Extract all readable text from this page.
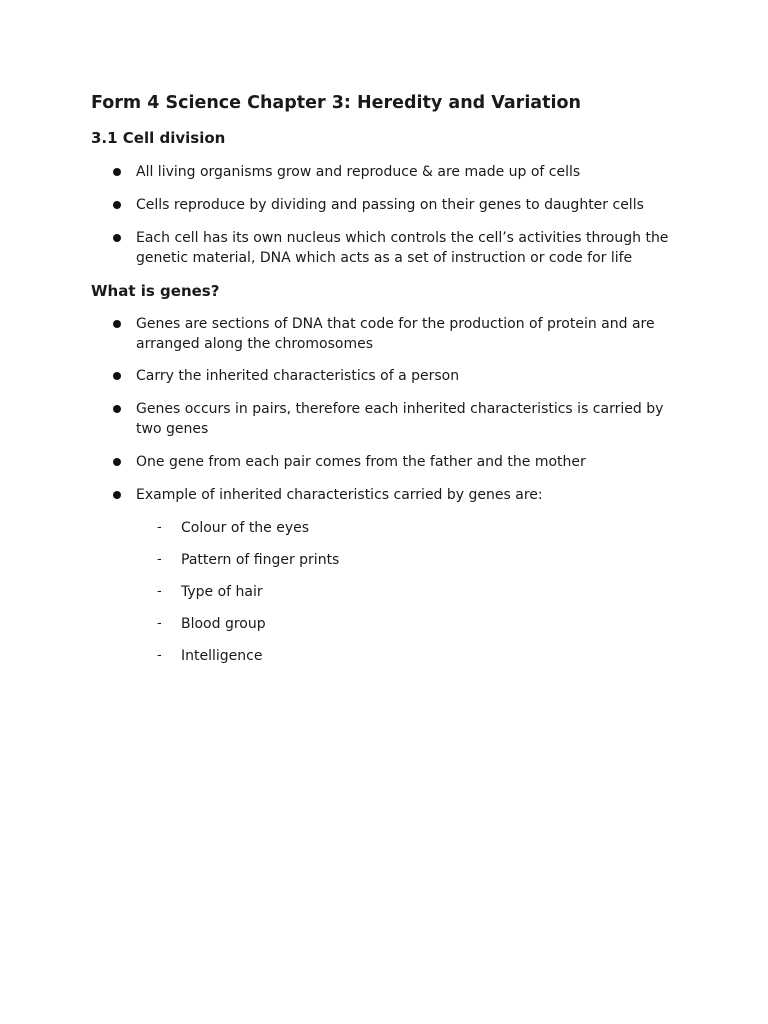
Form 4 Science Chapter 3: Heredity and Variation
3.1 Cell division
All living organisms grow and reproduce & are made up of cells
Cells reproduce by dividing and passing on their genes to daughter cells
Each cell has its own nucleus which controls the cell’s activities through the genetic material, DNA which acts as a set of instruction or code for life
What is genes?
Genes are sections of DNA that code for the production of protein and are arranged along the chromosomes
Carry the inherited characteristics of a person
Genes occurs in pairs, therefore each inherited characteristics is carried by two genes
One gene from each pair comes from the father and the mother
Example of inherited characteristics carried by genes are:
- Colour of the eyes
- Pattern of finger prints
- Type of hair
- Blood group
- Intelligence
